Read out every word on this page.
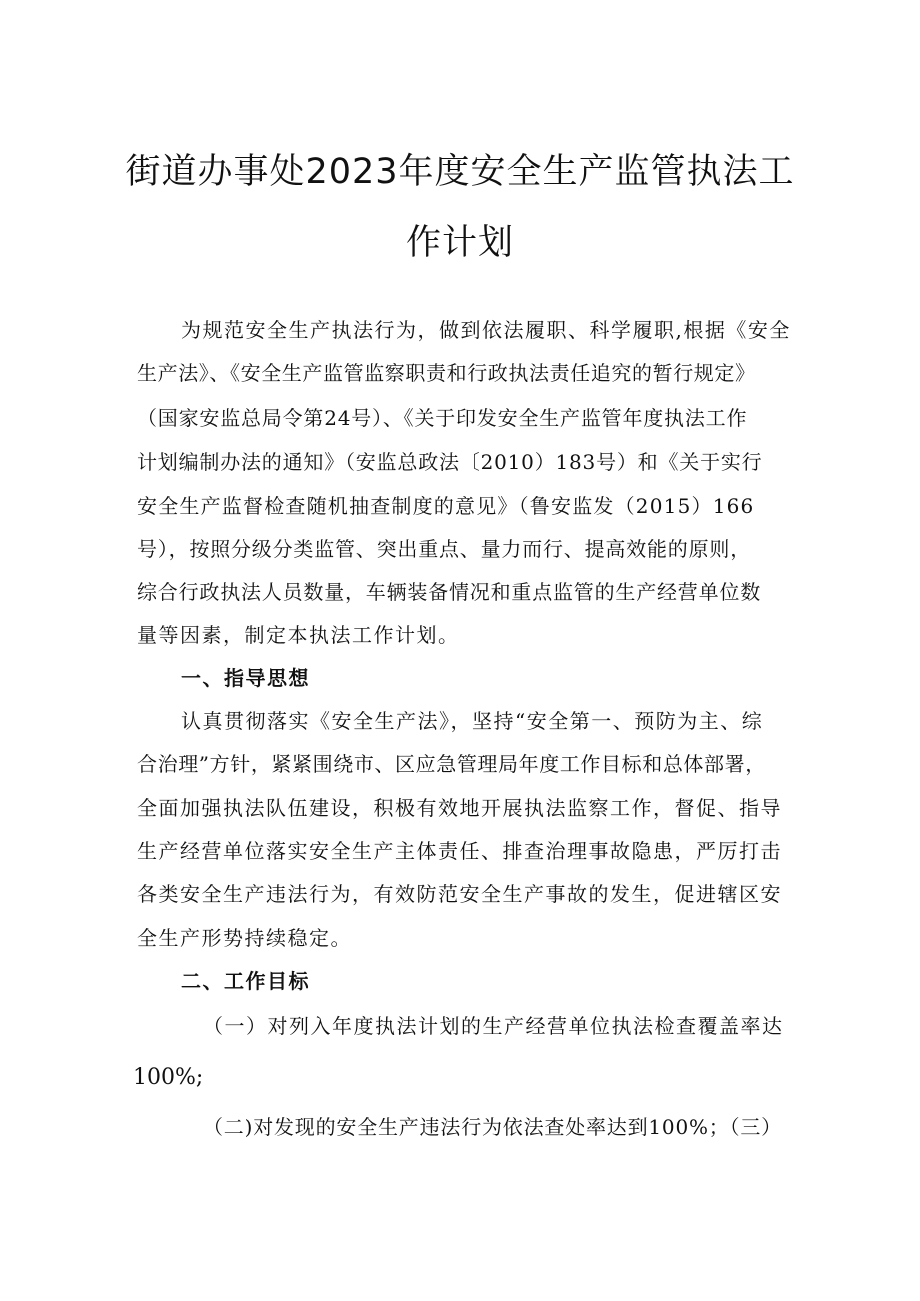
街道办事处2023年度安全生产监管执法工
作计划
为规范安全生产执法行为，做到依法履职、科学履职,根据《安全
生产法》、《安全生产监管监察职责和行政执法责任追究的暂行规定》
（国家安监总局令第24号）、《关于印发安全生产监管年度执法工作
计划编制办法的通知》（安监总政法〔2010）183号）和《关于实行
安全生产监督检查随机抽查制度的意见》（鲁安监发（2015）166
号），按照分级分类监管、突出重点、量力而行、提高效能的原则，
综合行政执法人员数量，车辆装备情况和重点监管的生产经营单位数
量等因素，制定本执法工作计划。
一、指导思想
认真贯彻落实《安全生产法》，坚持“安全第一、预防为主、综
合治理”方针，紧紧围绕市、区应急管理局年度工作目标和总体部署，
全面加强执法队伍建设，积极有效地开展执法监察工作，督促、指导
生产经营单位落实安全生产主体责任、排查治理事故隐患，严厉打击
各类安全生产违法行为，有效防范安全生产事故的发生，促进辖区安
全生产形势持续稳定。
二、工作目标
（一）对列入年度执法计划的生产经营单位执法检查覆盖率达
100%;
（二)对发现的安全生产违法行为依法查处率达到100%；（三）
